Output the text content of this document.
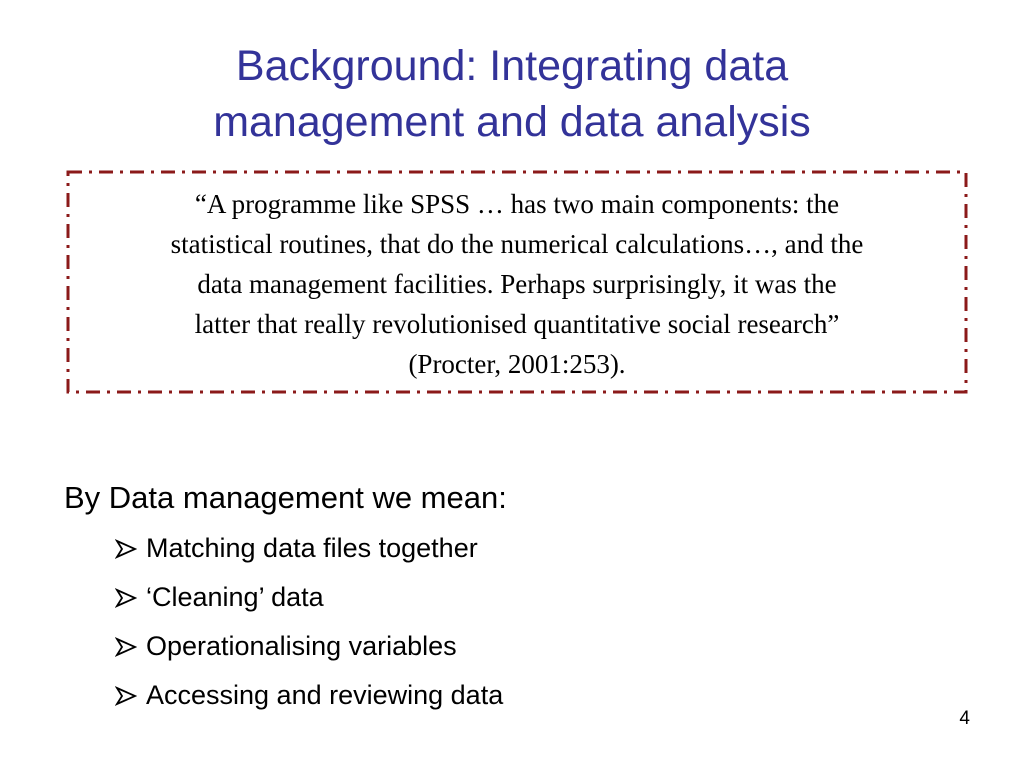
Background: Integrating data
management and data analysis
“A programme like SPSS … has two main components: the
statistical routines, that do the numerical calculations…, and the
data management facilities. Perhaps surprisingly, it was the
latter that really revolutionised quantitative social research”
(Procter, 2001:253).
By Data management we mean:
Matching data files together
‘Cleaning’ data
Operationalising variables
Accessing and reviewing data
4
